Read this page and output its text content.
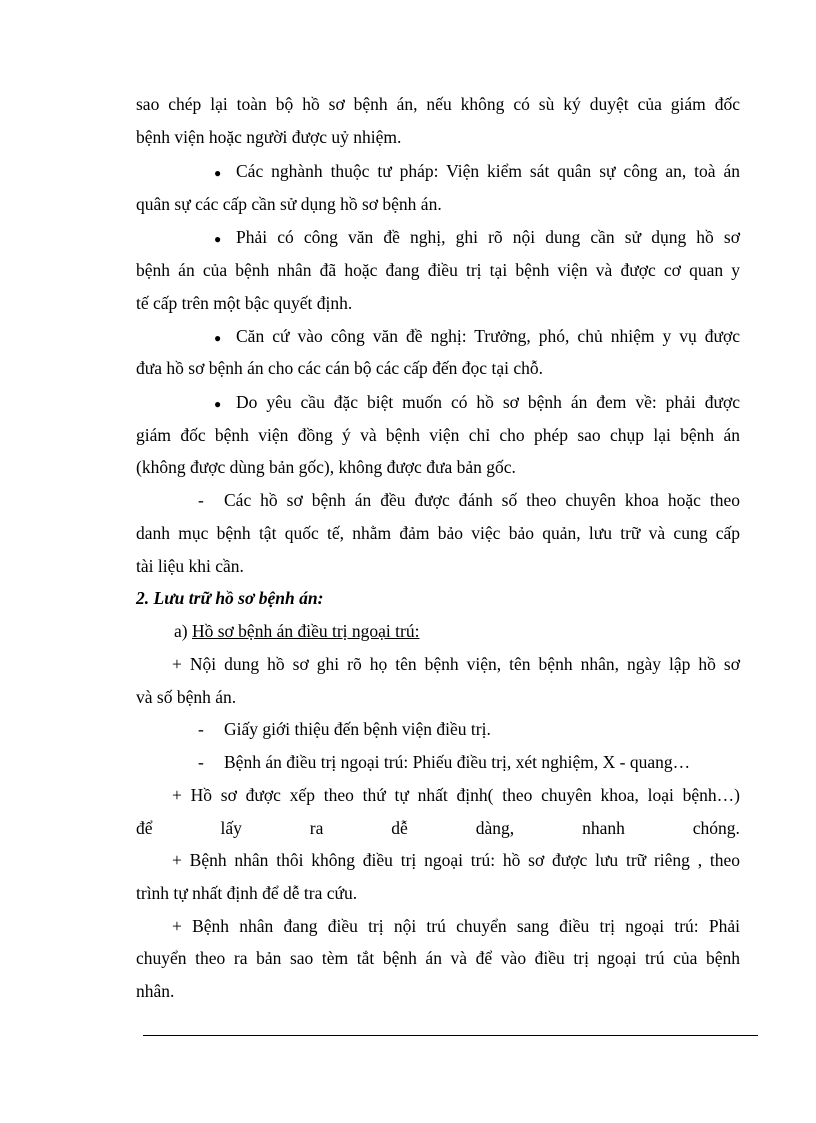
sao chép lại toàn bộ hồ sơ bệnh án, nếu không có sù ký duyệt của giám đốc
bệnh viện hoặc người được uỷ nhiệm.
● Các nghành thuộc tư pháp: Viện kiểm sát quân sự công an, toà án
quân sự các cấp cần sử dụng hồ sơ bệnh án.
● Phải có công văn đề nghị, ghi rõ nội dung cần sử dụng hồ sơ
bệnh án của bệnh nhân đã hoặc đang điều trị tại bệnh viện và được cơ quan y
tế cấp trên một bậc quyết định.
● Căn cứ vào công văn đề nghị: Trưởng, phó, chủ nhiệm y vụ được
đưa hồ sơ bệnh án cho các cán bộ các cấp đến đọc tại chỗ.
● Do yêu cầu đặc biệt muốn có hồ sơ bệnh án đem về: phải được
giám đốc bệnh viện đồng ý và bệnh viện chỉ cho phép sao chụp lại bệnh án
(không được dùng bản gốc), không được đưa bản gốc.
- Các hồ sơ bệnh án đều được đánh số theo chuyên khoa hoặc theo
danh mục bệnh tật quốc tế, nhằm đảm bảo việc bảo quản, lưu trữ và cung cấp
tài liệu khi cần.
2. Lưu trữ hồ sơ bệnh án:
a) Hồ sơ bệnh án điều trị ngoại trú:
+ Nội dung hồ sơ ghi rõ họ tên bệnh viện, tên bệnh nhân, ngày lập hồ sơ
và số bệnh án.
- Giấy giới thiệu đến bệnh viện điều trị.
- Bệnh án điều trị ngoại trú: Phiếu điều trị, xét nghiệm, X - quang…
+ Hồ sơ được xếp theo thứ tự nhất định( theo chuyên khoa, loại bệnh…)
để	lấy	ra	dễ	dàng,	nhanh	chóng.
+ Bệnh nhân thôi không điều trị ngoại trú: hồ sơ được lưu trữ riêng , theo
trình tự nhất định để dễ tra cứu.
+ Bệnh nhân đang điều trị nội trú chuyển sang điều trị ngoại trú: Phải
chuyển theo ra bản sao tèm tắt bệnh án và để vào điều trị ngoại trú của bệnh
nhân.
